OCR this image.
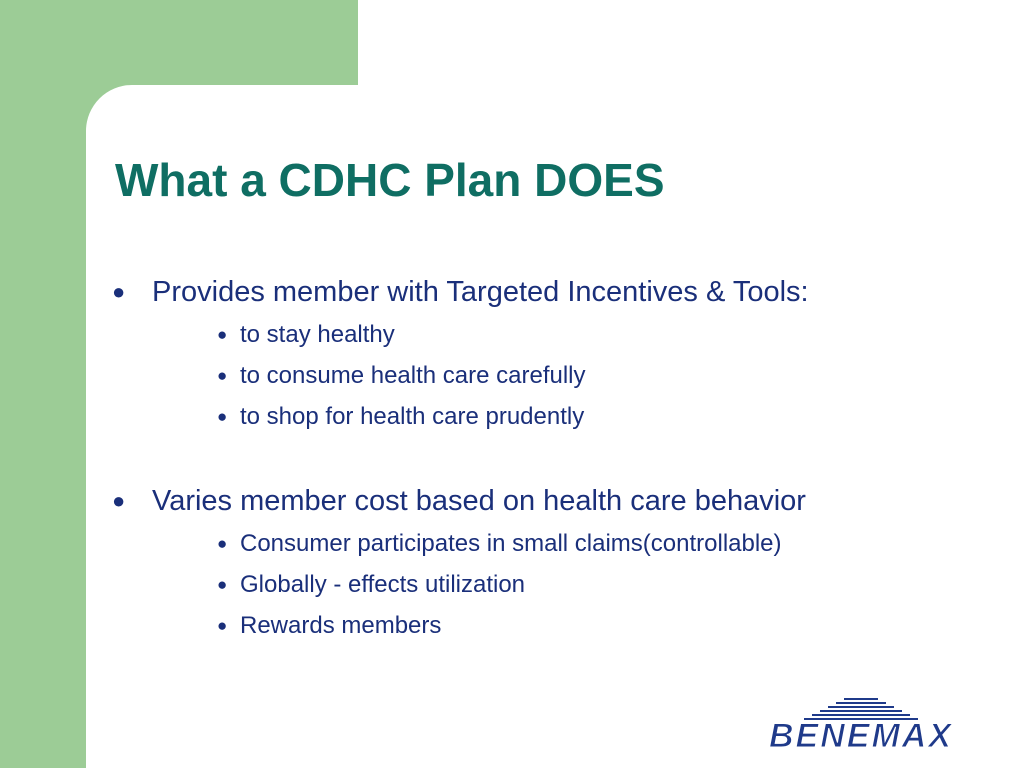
What a CDHC Plan DOES
● Provides member with Targeted Incentives & Tools:
● to stay healthy
● to consume health care carefully
● to shop for health care prudently
● Varies member cost based on health care behavior
● Consumer participates in small claims(controllable)
● Globally - effects utilization
● Rewards members
BENEMAX
